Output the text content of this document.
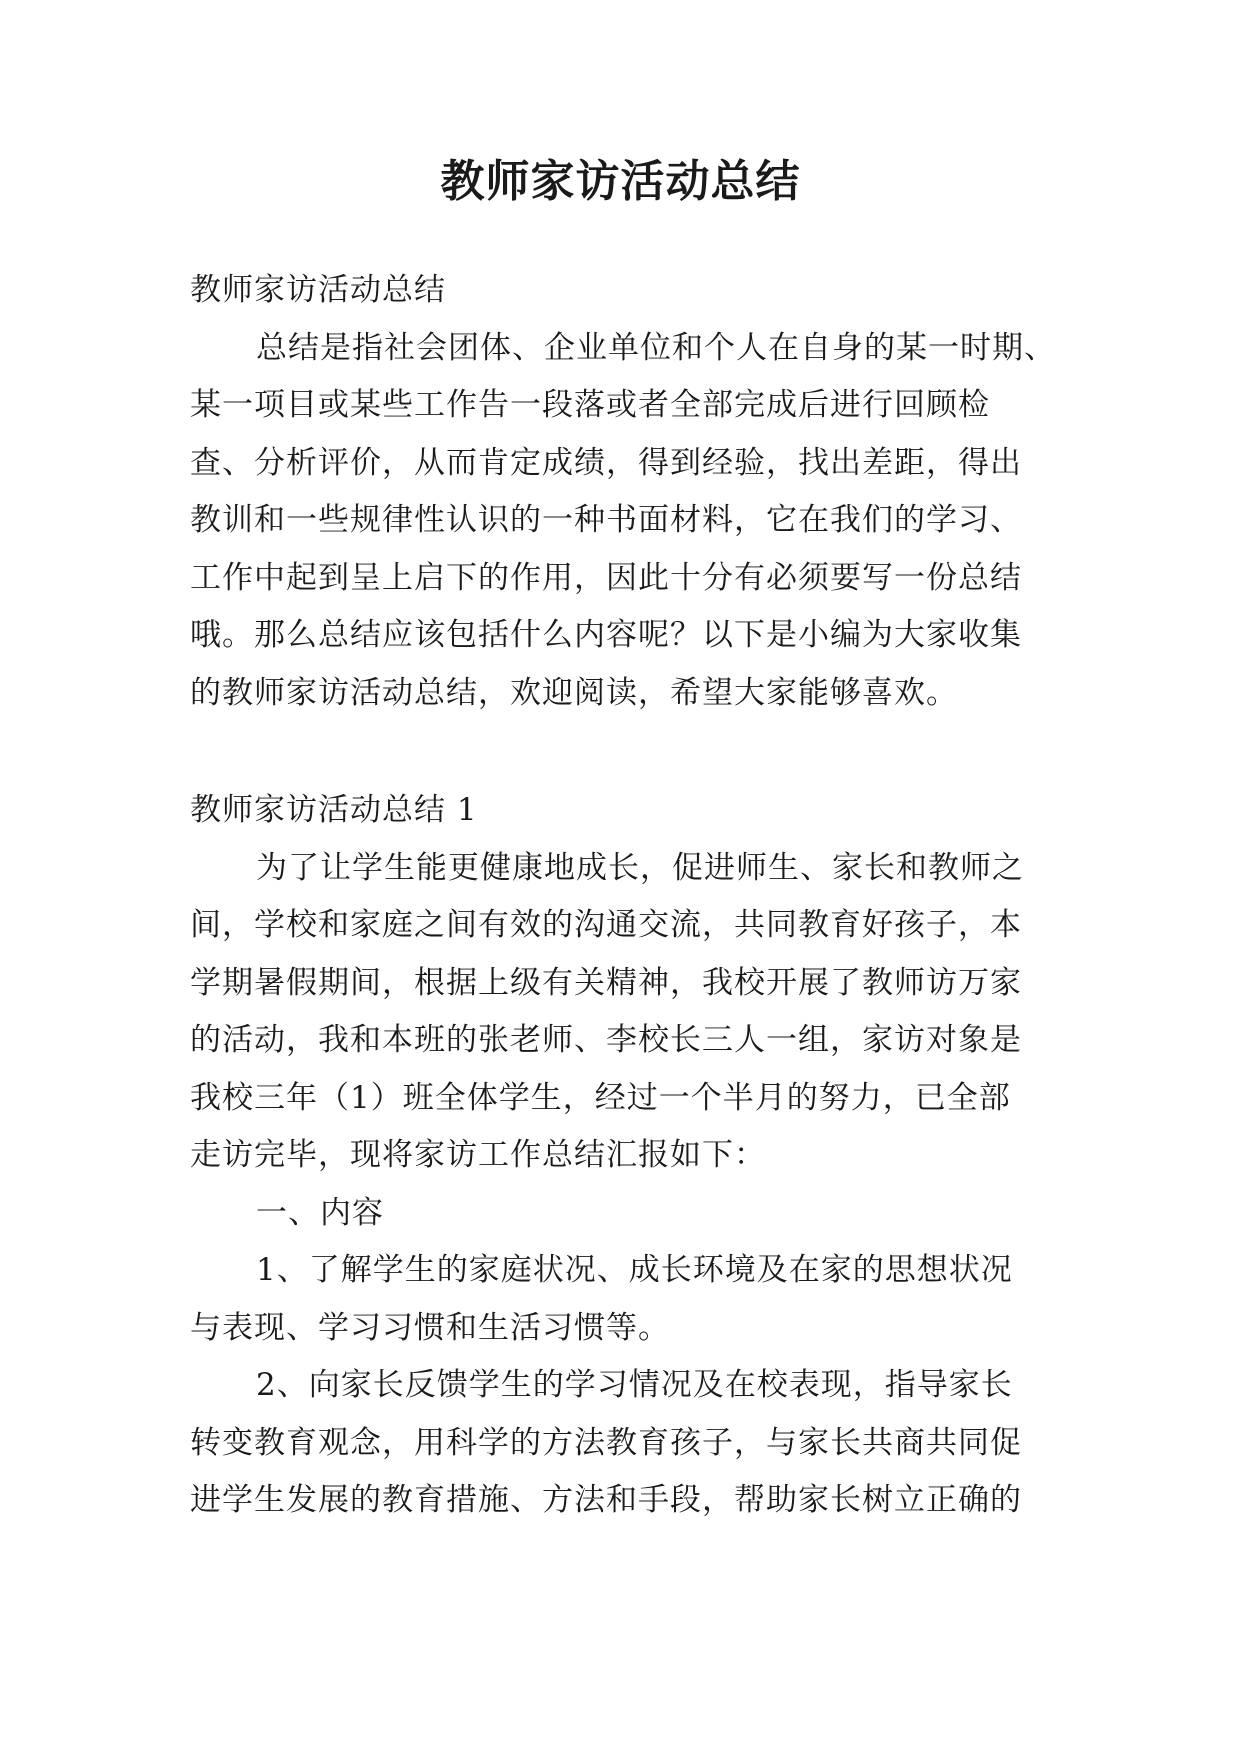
教师家访活动总结
教师家访活动总结
总结是指社会团体、企业单位和个人在自身的某一时期、
某一项目或某些工作告一段落或者全部完成后进行回顾检
查、分析评价，从而肯定成绩，得到经验，找出差距，得出
教训和一些规律性认识的一种书面材料，它在我们的学习、
工作中起到呈上启下的作用，因此十分有必须要写一份总结
哦。那么总结应该包括什么内容呢？以下是小编为大家收集
的教师家访活动总结，欢迎阅读，希望大家能够喜欢。
教师家访活动总结 1
为了让学生能更健康地成长，促进师生、家长和教师之
间，学校和家庭之间有效的沟通交流，共同教育好孩子，本
学期暑假期间，根据上级有关精神，我校开展了教师访万家
的活动，我和本班的张老师、李校长三人一组，家访对象是
我校三年（1）班全体学生，经过一个半月的努力，已全部
走访完毕，现将家访工作总结汇报如下：
一、内容
1、了解学生的家庭状况、成长环境及在家的思想状况
与表现、学习习惯和生活习惯等。
2、向家长反馈学生的学习情况及在校表现，指导家长
转变教育观念，用科学的方法教育孩子，与家长共商共同促
进学生发展的教育措施、方法和手段，帮助家长树立正确的
